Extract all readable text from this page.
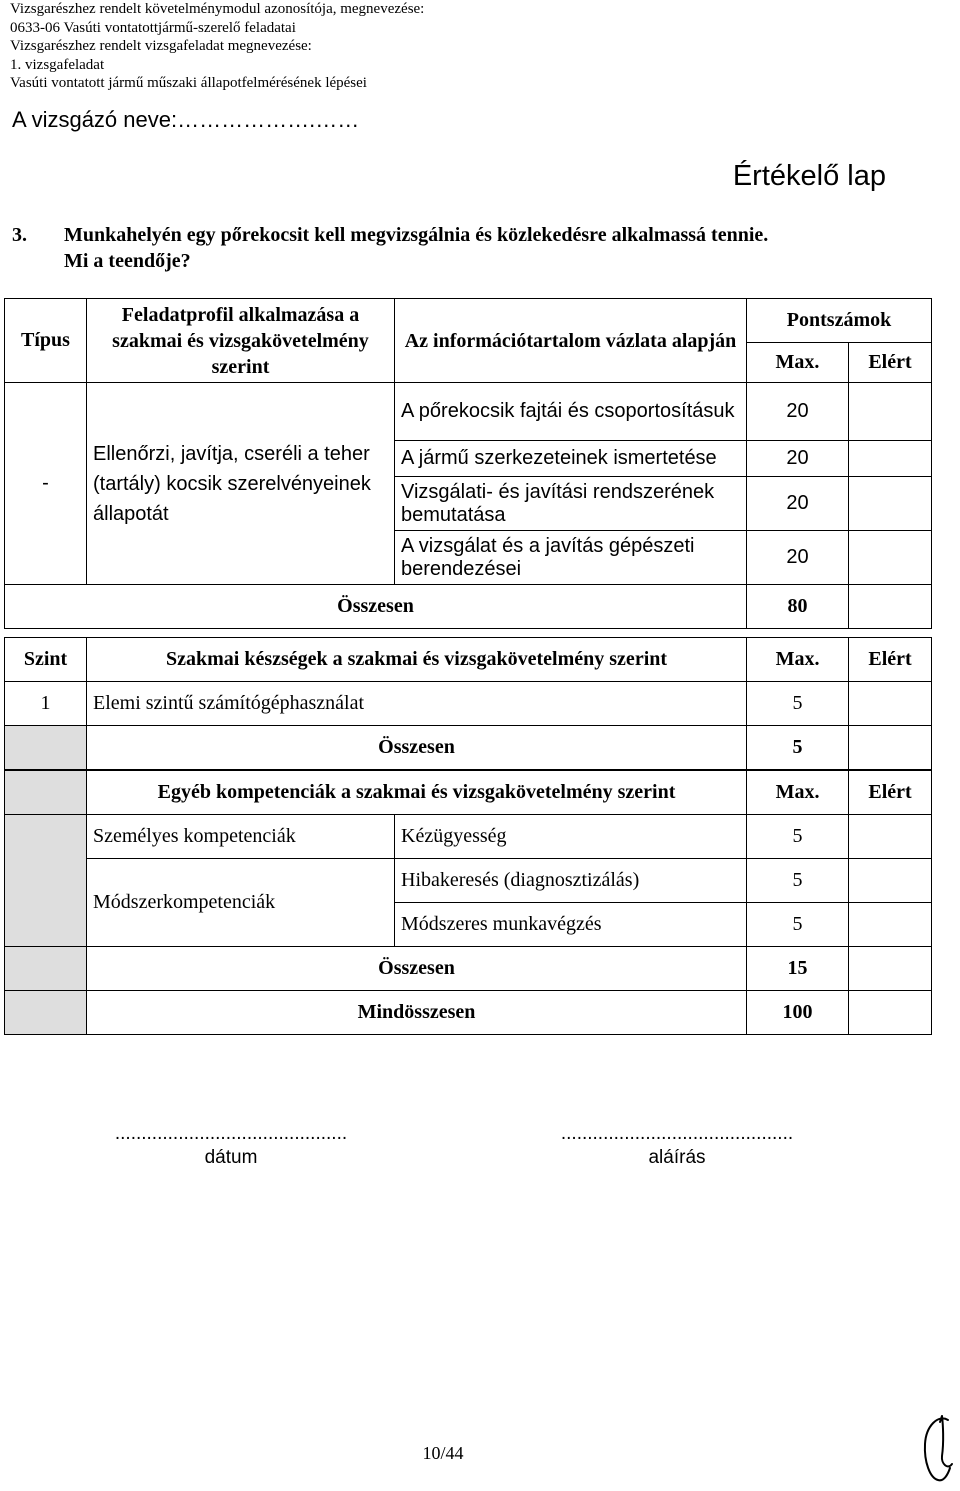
Vizsgarészhez rendelt követelménymodul azonosítója, megnevezése:
0633-06 Vasúti vontatottjármű-szerelő feladatai
Vizsgarészhez rendelt vizsgafeladat megnevezése:
1. vizsgafeladat
Vasúti vontatott jármű műszaki állapotfelmérésének lépései
A vizsgázó neve:……………….……
Értékelő lap
3. Munkahelyén egy pőrekocsit kell megvizsgálnia és közlekedésre alkalmassá tennie.
Mi a teendője?
Típus	Feladatprofil alkalmazása a szakmai és vizsgakövetelmény szerint	Az információtartalom vázlata alapján	Pontszámok	
			Max.	Elért
-	Ellenőrzi, javítja, cseréli a teher (tartály) kocsik szerelvényeinek állapotát	A pőrekocsik fajtái és csoportosításuk	20	
		A jármű szerkezeteinek ismertetése	20	
		Vizsgálati- és javítási rendszerének bemutatása	20	
		A vizsgálat és a javítás gépészeti berendezései	20	
Összesen			80	
Szint	Szakmai készségek a szakmai és vizsgakövetelmény szerint	Max.	Elért
1	Elemi szintű számítógéphasználat	5	
	Összesen	5	
	Egyéb kompetenciák a szakmai és vizsgakövetelmény szerint		Max.	Elért
	Személyes kompetenciák	Kézügyesség	5	
	Módszerkompetenciák	Hibakeresés (diagnosztizálás)	5	
		Módszeres munkavégzés	5	
	Összesen		15	
	Mindösszesen		100	
............................................
dátum
............................................
aláírás
10/44
